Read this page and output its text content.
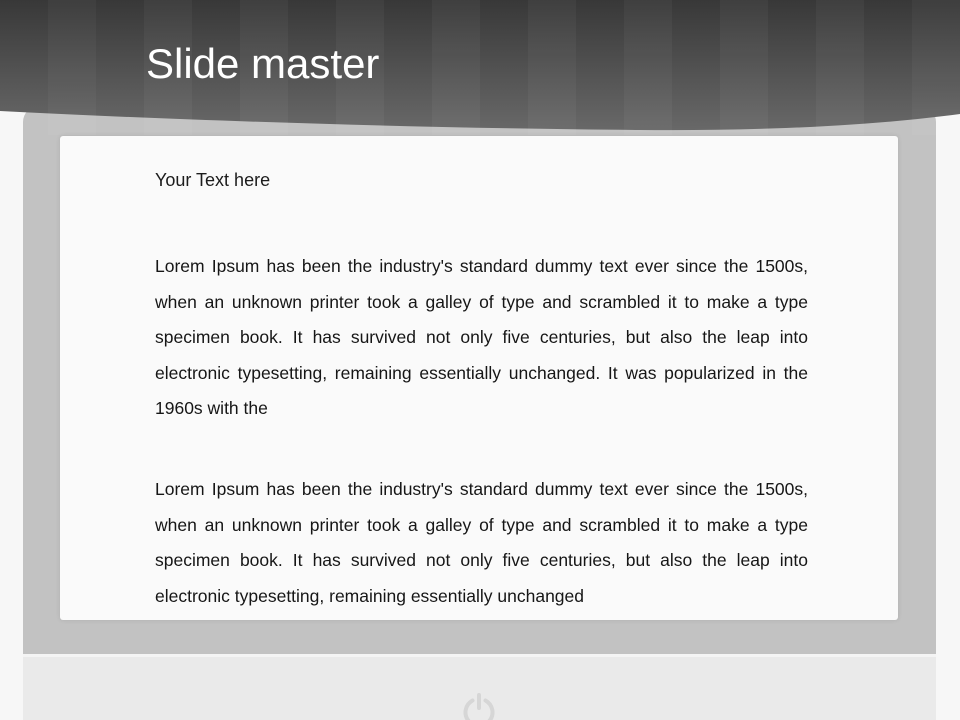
Your Text here
Lorem Ipsum has been the industry's standard dummy text ever since the 1500s, when an unknown printer took a galley of type and scrambled it to make a type specimen book. It has survived not only five centuries, but also the leap into electronic typesetting, remaining essentially unchanged. It was popularized in the 1960s with the
Lorem Ipsum has been the industry's standard dummy text ever since the 1500s, when an unknown printer took a galley of type and scrambled it to make a type specimen book. It has survived not only five centuries, but also the leap into electronic typesetting, remaining essentially unchanged
Slide master
